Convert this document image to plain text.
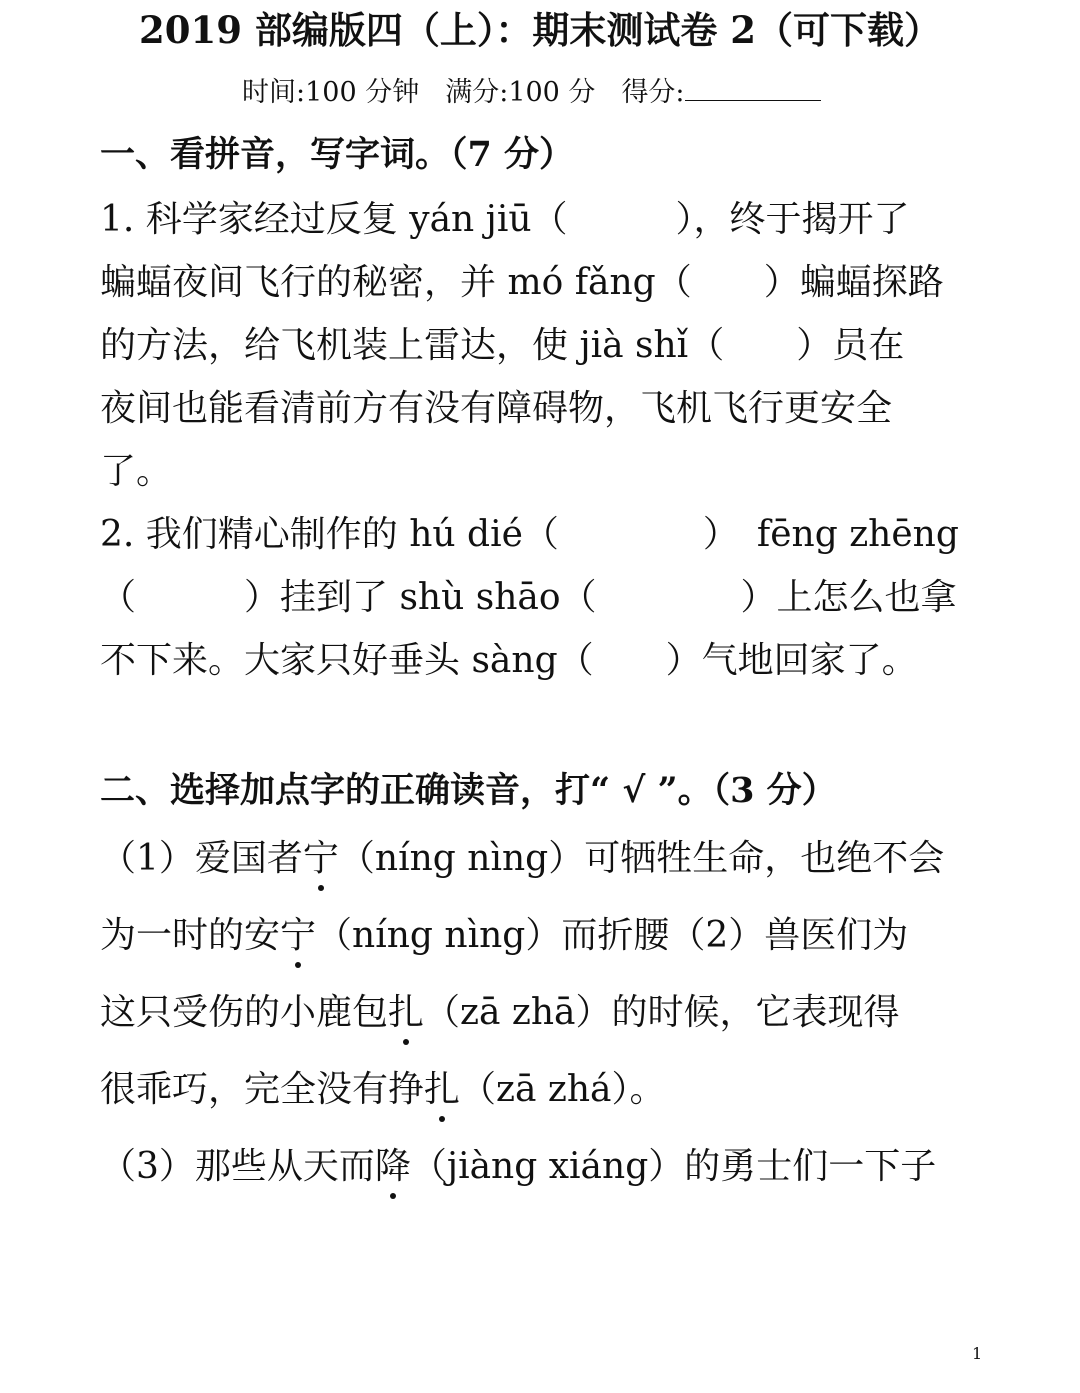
2019 部编版四（上）：期末测试卷 2（可下载）
时间:100 分钟 满分:100 分 得分:
一、看拼音，写字词。（7 分）
1. 科学家经过反复 yán jiū（　　　），终于揭开了
蝙蝠夜间飞行的秘密，并 mó fǎng（　　）蝙蝠探路
的方法，给飞机装上雷达，使 jià shǐ（　　）员在
夜间也能看清前方有没有障碍物，飞机飞行更安全
了。
2. 我们精心制作的 hú dié（　　　　）　fēng zhēng
（　　　）挂到了 shù shāo（　　　　）上怎么也拿
不下来。大家只好垂头 sàng（　　）气地回家了。
二、选择加点字的正确读音，打“ √ ”。（3 分）
（1）爱国者宁（níng nìng）可牺牲生命，也绝不会
为一时的安宁（níng nìng）而折腰（2）兽医们为
这只受伤的小鹿包扎（zā zhā）的时候，它表现得
很乖巧，完全没有挣扎（zā zhá）。
（3）那些从天而降（jiàng xiáng）的勇士们一下子
1
